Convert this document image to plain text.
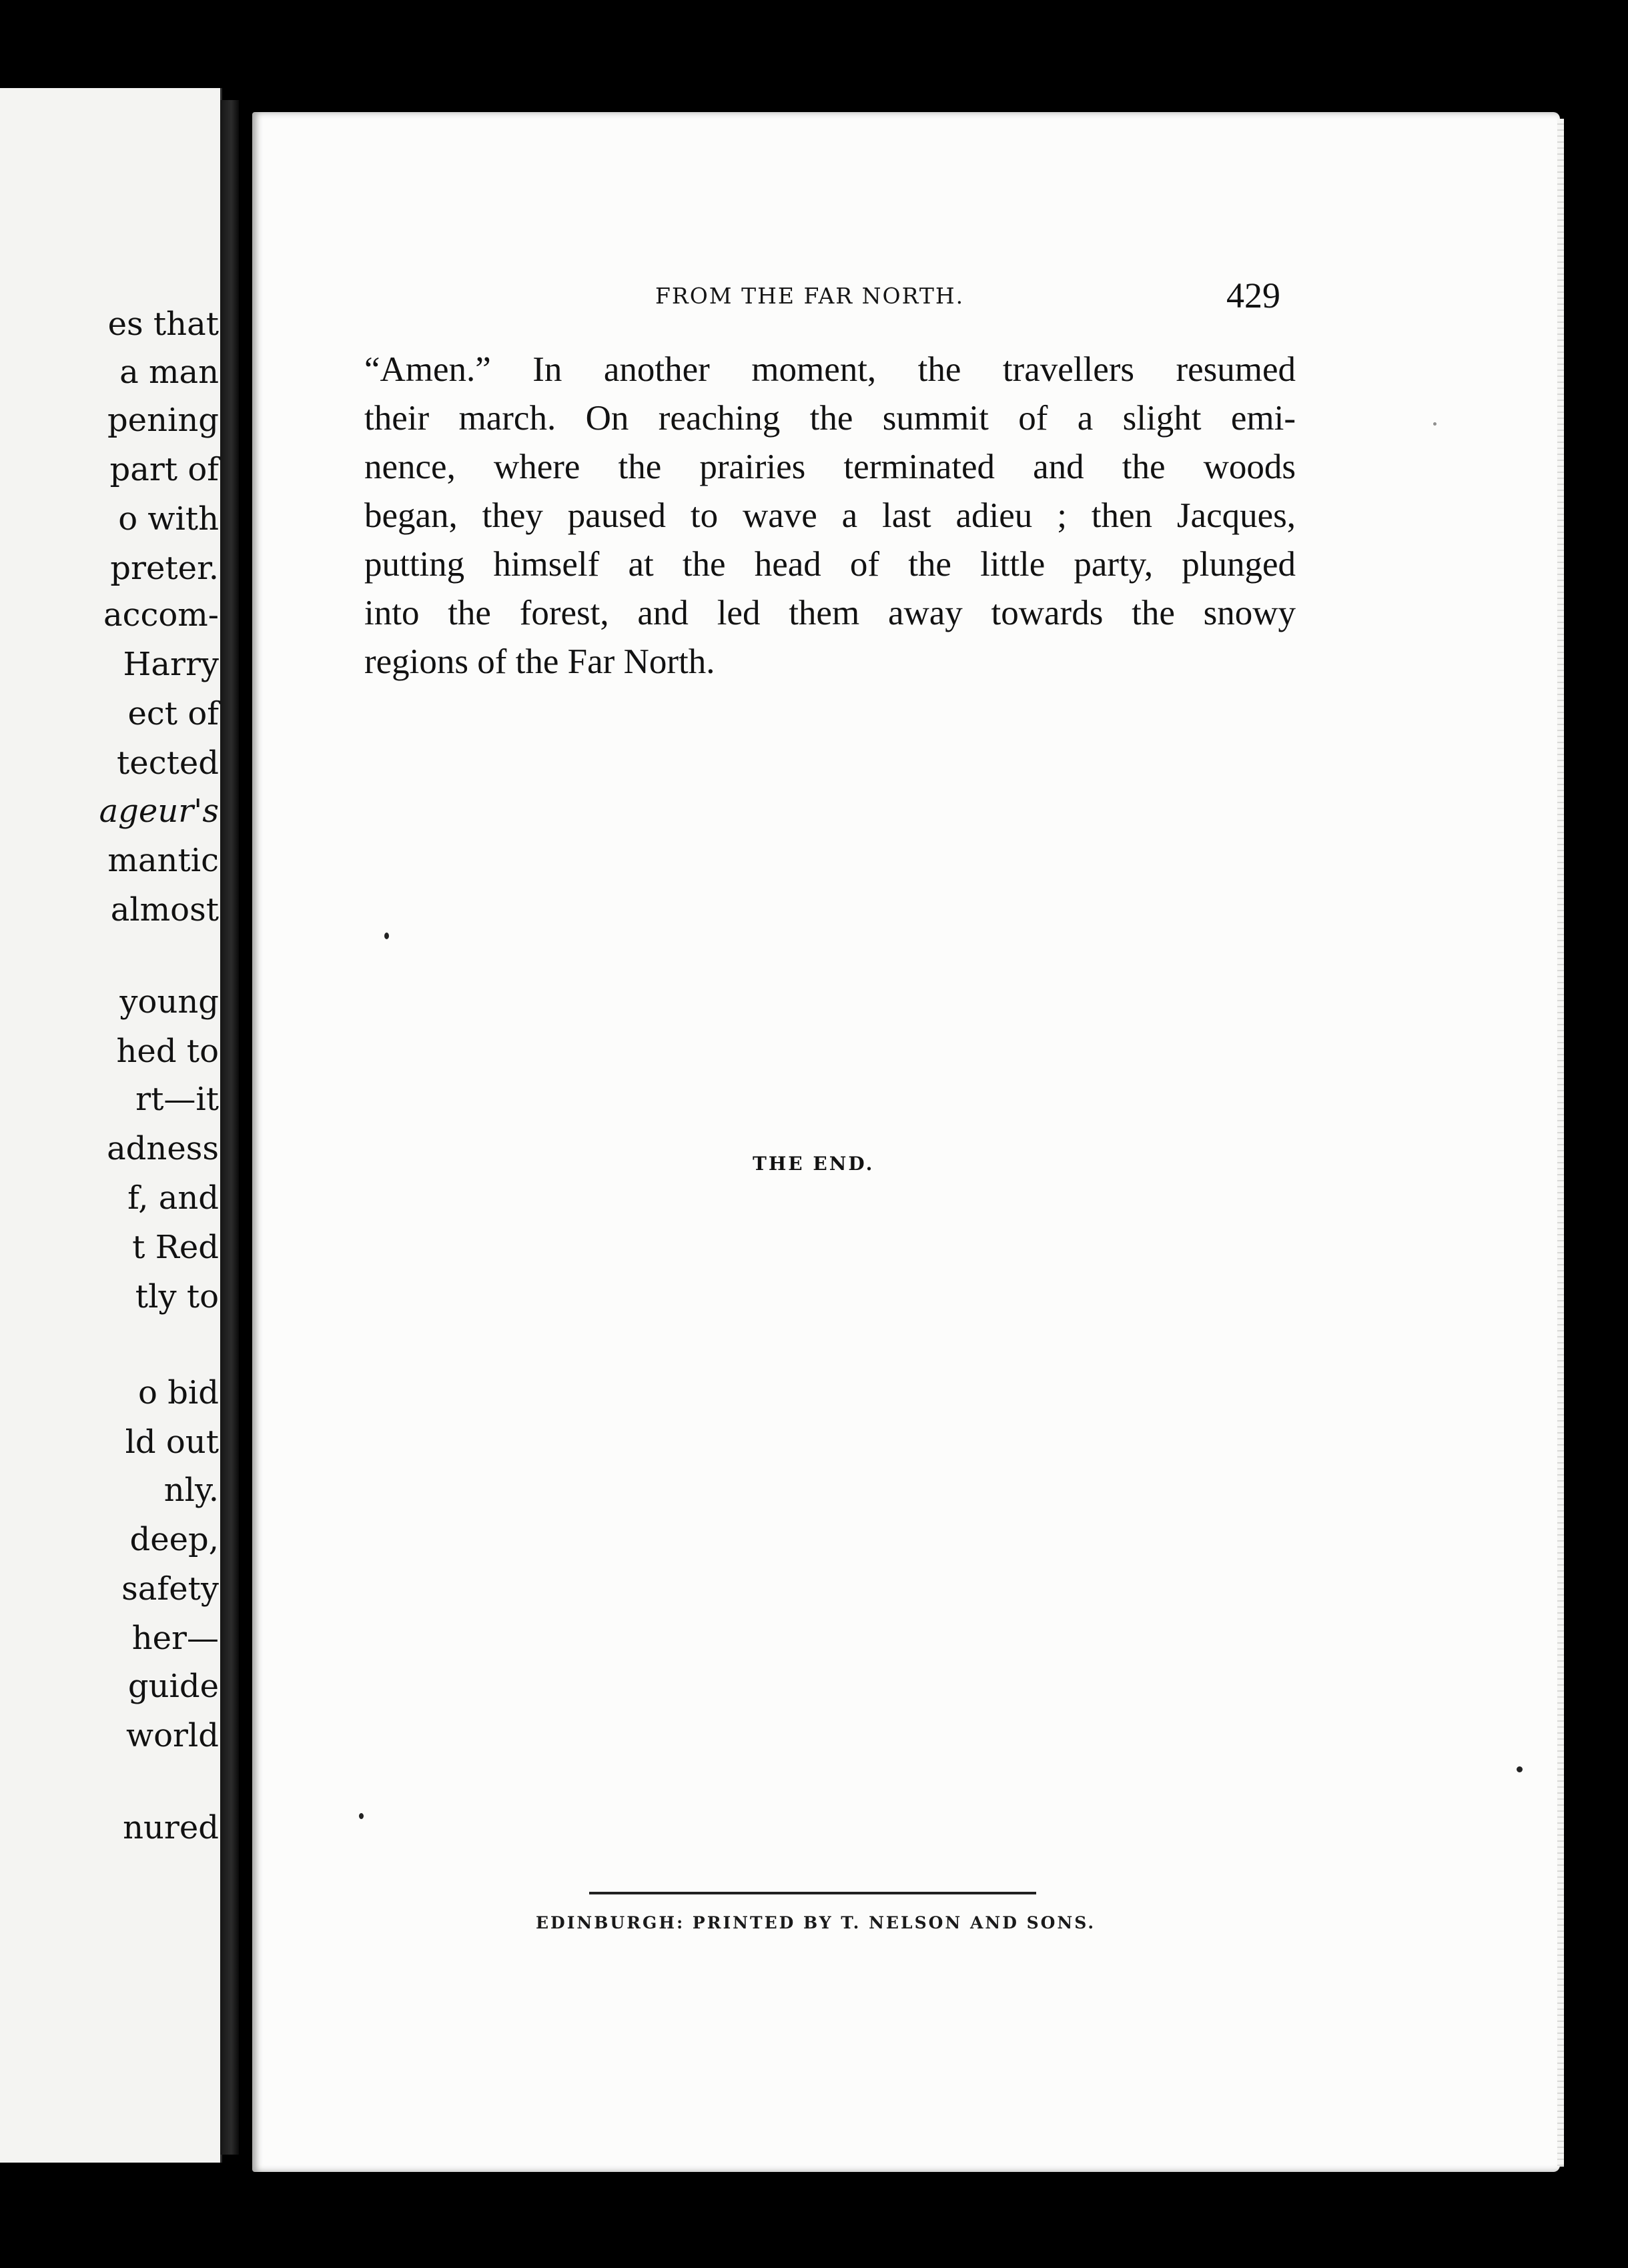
es that
a man
pening
part of
o with
preter.
accom-
Harry
ect of
tected
ageur's
mantic
almost
young
hed to
rt—it
adness
f, and
t Red
tly to
o bid
ld out
nly.
deep,
safety
her—
guide
world
nured
FROM THE FAR NORTH.	429
“Amen.” In another moment, the travellers resumed
their march. On reaching the summit of a slight emi-
nence, where the prairies terminated and the woods
began, they paused to wave a last adieu ; then Jacques,
putting himself at the head of the little party, plunged
into the forest, and led them away towards the snowy
regions of the Far North.
THE END.
EDINBURGH: PRINTED BY T. NELSON AND SONS.
